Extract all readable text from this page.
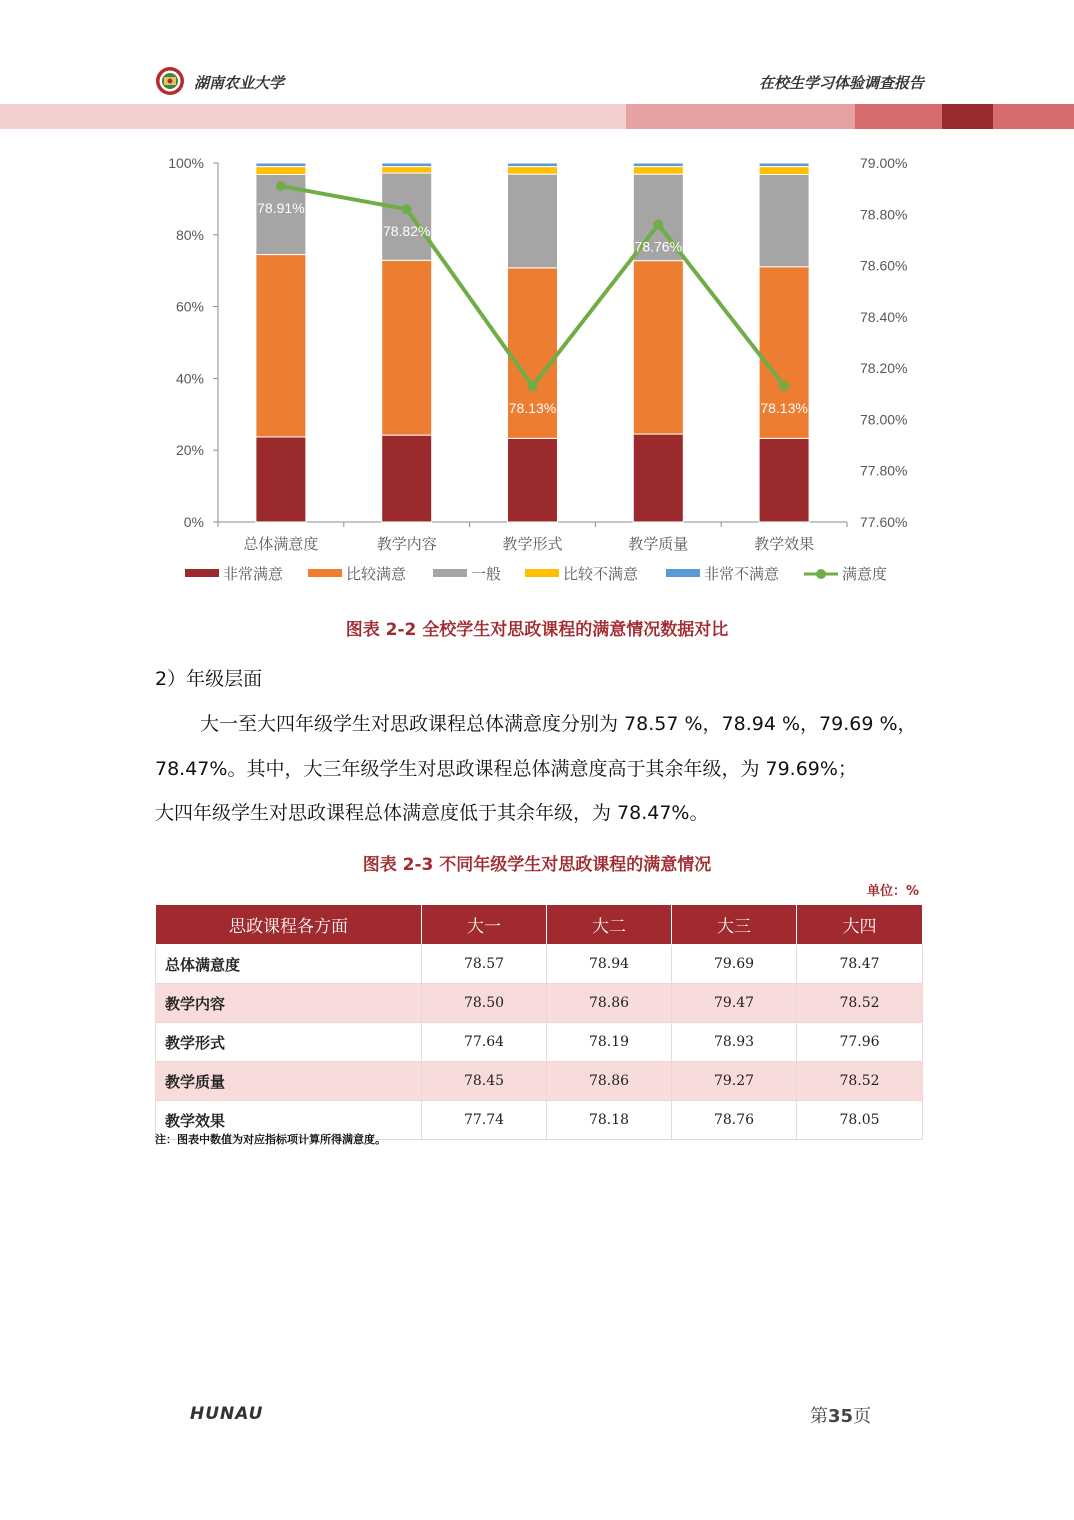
湖南农业大学	在校生学习体验调查报告
0%
20%
40%
60%
80%
100%
77.60%
77.80%
78.00%
78.20%
78.40%
78.60%
78.80%
79.00%
总体满意度	教学内容	教学形式	教学质量	教学效果
78.91%
78.82%
78.13%
78.76%
78.13%
非常满意	比较满意	一般	比较不满意	非常不满意	满意度
图表 2-2 全校学生对思政课程的满意情况数据对比
2）年级层面
大一至大四年级学生对思政课程总体满意度分别为 78.57 %，78.94 %，79.69 %，
78.47%。其中，大三年级学生对思政课程总体满意度高于其余年级，为 79.69%；
大四年级学生对思政课程总体满意度低于其余年级，为 78.47%。
图表 2-3 不同年级学生对思政课程的满意情况
单位：%
思政课程各方面	大一	大二	大三	大四
总体满意度	78.57	78.94	79.69	78.47
教学内容	78.50	78.86	79.47	78.52
教学形式	77.64	78.19	78.93	77.96
教学质量	78.45	78.86	79.27	78.52
教学效果	77.74	78.18	78.76	78.05
注：图表中数值为对应指标项计算所得满意度。
HUNAU	第35页
